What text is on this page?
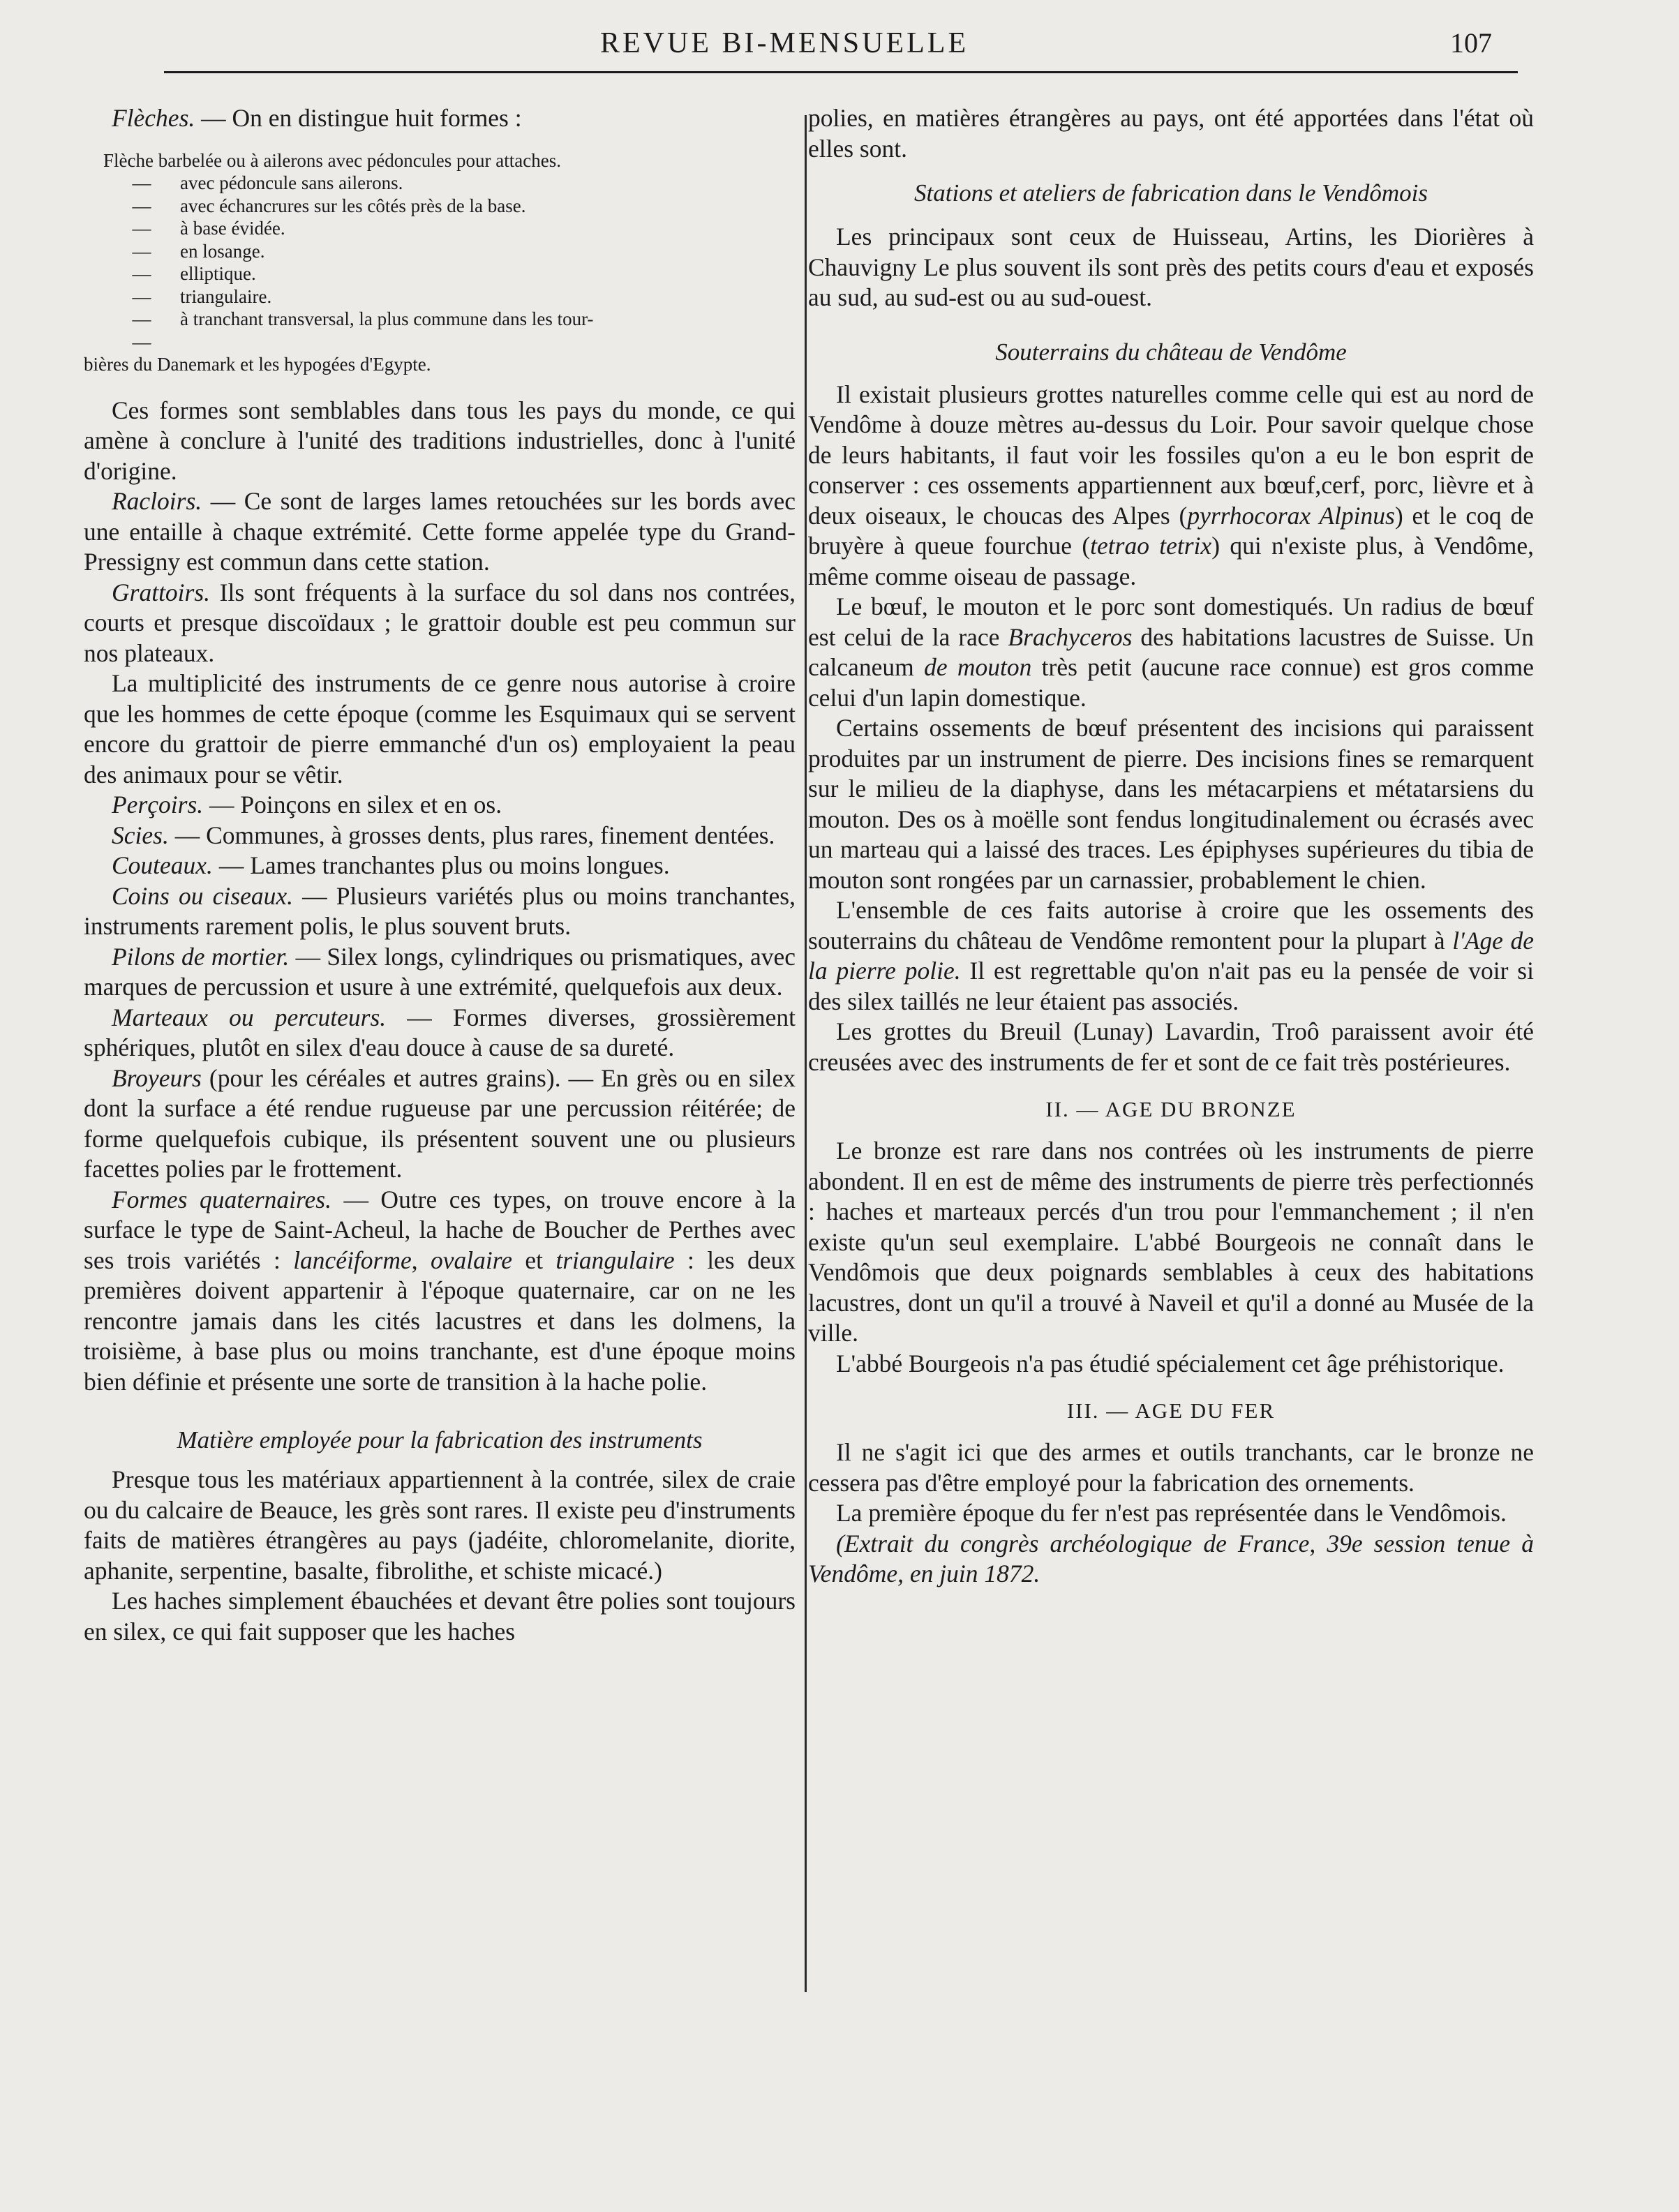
REVUE BI-MENSUELLE	107

Flèches. — On en distingue huit formes :

Flèche barbelée ou à ailerons avec pédoncules pour attaches.
— avec pédoncule sans ailerons.
— avec échancrures sur les côtés près de la base.
— à base évidée.
— en losange.
— elliptique.
— triangulaire.
— à tranchant transversal, la plus commune dans les tour-
—
bières du Danemark et les hypogées d'Egypte.

Ces formes sont semblables dans tous les pays du monde, ce qui amène à conclure à l'unité des traditions industrielles, donc à l'unité d'origine.

Racloirs. — Ce sont de larges lames retouchées sur les bords avec une entaille à chaque extrémité. Cette forme appelée type du Grand-Pressigny est commun dans cette station.

Grattoirs. Ils sont fréquents à la surface du sol dans nos contrées, courts et presque discoïdaux ; le grattoir double est peu commun sur nos plateaux.

La multiplicité des instruments de ce genre nous autorise à croire que les hommes de cette époque (comme les Esquimaux qui se servent encore du grattoir de pierre emmanché d'un os) employaient la peau des animaux pour se vêtir.

Perçoirs. — Poinçons en silex et en os.

Scies. — Communes, à grosses dents, plus rares, finement dentées.

Couteaux. — Lames tranchantes plus ou moins longues.

Coins ou ciseaux. — Plusieurs variétés plus ou moins tranchantes, instruments rarement polis, le plus souvent bruts.

Pilons de mortier. — Silex longs, cylindriques ou prismatiques, avec marques de percussion et usure à une extrémité, quelquefois aux deux.

Marteaux ou percuteurs. — Formes diverses, grossièrement sphériques, plutôt en silex d'eau douce à cause de sa dureté.

Broyeurs (pour les céréales et autres grains). — En grès ou en silex dont la surface a été rendue rugueuse par une percussion réitérée; de forme quelquefois cubique, ils présentent souvent une ou plusieurs facettes polies par le frottement.

Formes quaternaires. — Outre ces types, on trouve encore à la surface le type de Saint-Acheul, la hache de Boucher de Perthes avec ses trois variétés : lancéiforme, ovalaire et triangulaire : les deux premières doivent appartenir à l'époque quaternaire, car on ne les rencontre jamais dans les cités lacustres et dans les dolmens, la troisième, à base plus ou moins tranchante, est d'une époque moins bien définie et présente une sorte de transition à la hache polie.

Matière employée pour la fabrication des instruments

Presque tous les matériaux appartiennent à la contrée, silex de craie ou du calcaire de Beauce, les grès sont rares. Il existe peu d'instruments faits de matières étrangères au pays (jadéite, chloromelanite, diorite, aphanite, serpentine, basalte, fibrolithe, et schiste micacé.)

Les haches simplement ébauchées et devant être polies sont toujours en silex, ce qui fait supposer que les haches

polies, en matières étrangères au pays, ont été apportées dans l'état où elles sont.

Stations et ateliers de fabrication dans le Vendômois

Les principaux sont ceux de Huisseau, Artins, les Diorières à Chauvigny Le plus souvent ils sont près des petits cours d'eau et exposés au sud, au sud-est ou au sud-ouest.

Souterrains du château de Vendôme

Il existait plusieurs grottes naturelles comme celle qui est au nord de Vendôme à douze mètres au-dessus du Loir. Pour savoir quelque chose de leurs habitants, il faut voir les fossiles qu'on a eu le bon esprit de conserver : ces ossements appartiennent aux bœuf,cerf, porc, lièvre et à deux oiseaux, le choucas des Alpes (pyrrhocorax Alpinus) et le coq de bruyère à queue fourchue (tetrao tetrix) qui n'existe plus, à Vendôme, même comme oiseau de passage.

Le bœuf, le mouton et le porc sont domestiqués. Un radius de bœuf est celui de la race Brachyceros des habitations lacustres de Suisse. Un calcaneum de mouton très petit (aucune race connue) est gros comme celui d'un lapin domestique.

Certains ossements de bœuf présentent des incisions qui paraissent produites par un instrument de pierre. Des incisions fines se remarquent sur le milieu de la diaphyse, dans les métacarpiens et métatarsiens du mouton. Des os à moëlle sont fendus longitudinalement ou écrasés avec un marteau qui a laissé des traces. Les épiphyses supérieures du tibia de mouton sont rongées par un carnassier, probablement le chien.

L'ensemble de ces faits autorise à croire que les ossements des souterrains du château de Vendôme remontent pour la plupart à l'Age de la pierre polie. Il est regrettable qu'on n'ait pas eu la pensée de voir si des silex taillés ne leur étaient pas associés.

Les grottes du Breuil (Lunay) Lavardin, Troô paraissent avoir été creusées avec des instruments de fer et sont de ce fait très postérieures.

II. — AGE DU BRONZE

Le bronze est rare dans nos contrées où les instruments de pierre abondent. Il en est de même des instruments de pierre très perfectionnés : haches et marteaux percés d'un trou pour l'emmanchement ; il n'en existe qu'un seul exemplaire. L'abbé Bourgeois ne connaît dans le Vendômois que deux poignards semblables à ceux des habitations lacustres, dont un qu'il a trouvé à Naveil et qu'il a donné au Musée de la ville.

L'abbé Bourgeois n'a pas étudié spécialement cet âge préhistorique.

III. — AGE DU FER

Il ne s'agit ici que des armes et outils tranchants, car le bronze ne cessera pas d'être employé pour la fabrication des ornements.

La première époque du fer n'est pas représentée dans le Vendômois.

(Extrait du congrès archéologique de France, 39e session tenue à Vendôme, en juin 1872.
